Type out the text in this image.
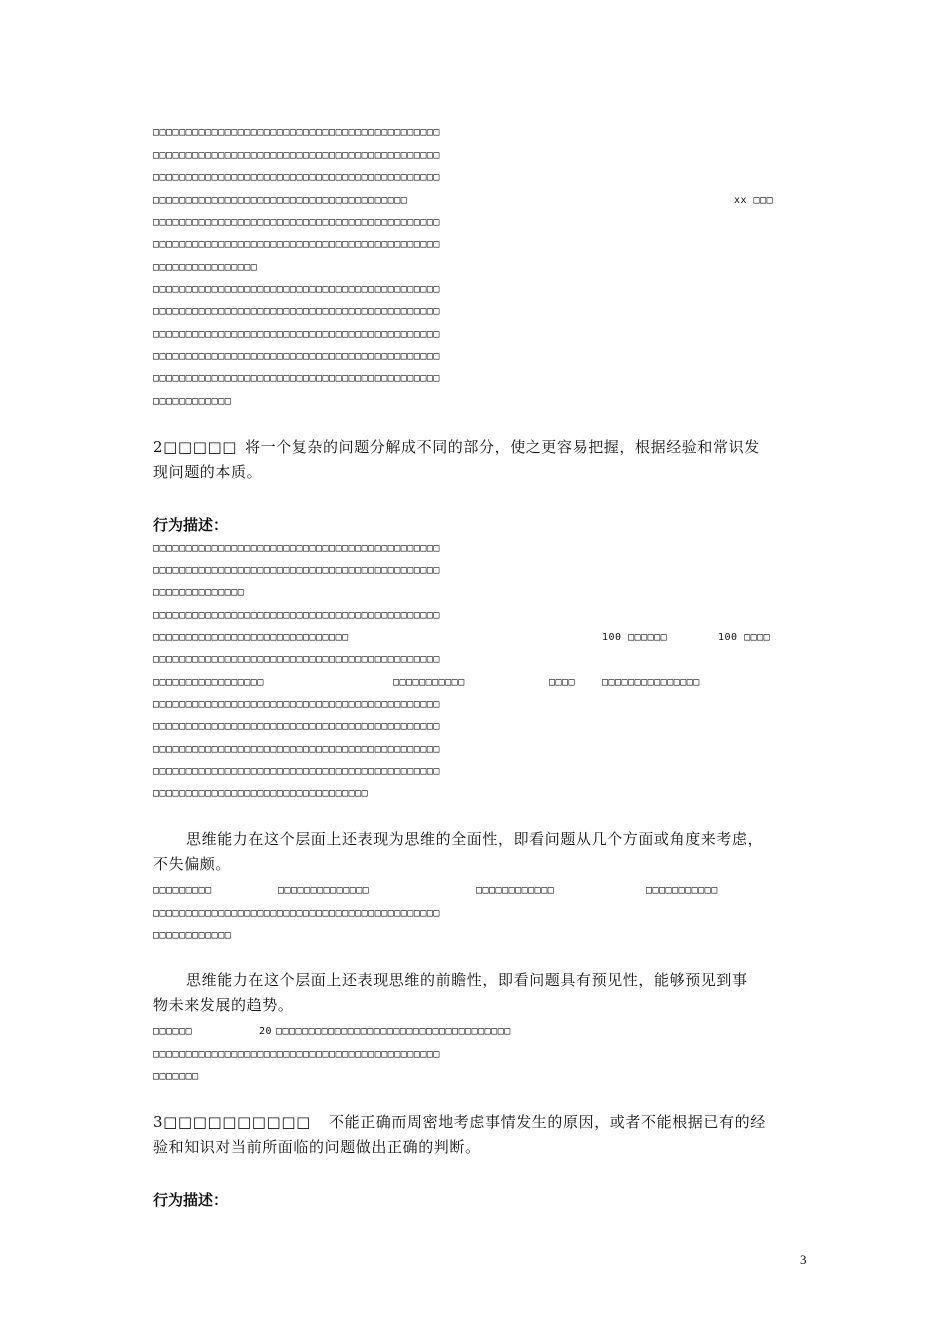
□□□□□□□□□□□□□□□□□□□□□□□□□□□□□□□□□□□□□□□□□□□□
□□□□□□□□□□□□□□□□□□□□□□□□□□□□□□□□□□□□□□□□□□□□
□□□□□□□□□□□□□□□□□□□□□□□□□□□□□□□□□□□□□□□□□□□□
□□□□□□□□□□□□□□□□□□□□□□□□□□□□□□□□□□□□□□□	xx □□□
□□□□□□□□□□□□□□□□□□□□□□□□□□□□□□□□□□□□□□□□□□□□
□□□□□□□□□□□□□□□□□□□□□□□□□□□□□□□□□□□□□□□□□□□□
□□□□□□□□□□□□□□□□
□□□□□□□□□□□□□□□□□□□□□□□□□□□□□□□□□□□□□□□□□□□□
□□□□□□□□□□□□□□□□□□□□□□□□□□□□□□□□□□□□□□□□□□□□
□□□□□□□□□□□□□□□□□□□□□□□□□□□□□□□□□□□□□□□□□□□□
□□□□□□□□□□□□□□□□□□□□□□□□□□□□□□□□□□□□□□□□□□□□
□□□□□□□□□□□□□□□□□□□□□□□□□□□□□□□□□□□□□□□□□□□□
□□□□□□□□□□□□
2□□□□□ 将一个复杂的问题分解成不同的部分，使之更容易把握，根据经验和常识发
现问题的本质。
行为描述：
□□□□□□□□□□□□□□□□□□□□□□□□□□□□□□□□□□□□□□□□□□□□
□□□□□□□□□□□□□□□□□□□□□□□□□□□□□□□□□□□□□□□□□□□□
□□□□□□□□□□□□□□
□□□□□□□□□□□□□□□□□□□□□□□□□□□□□□□□□□□□□□□□□□□□
□□□□□□□□□□□□□□□□□□□□□□□□□□□□□□	100 □□□□□□	100 □□□□
□□□□□□□□□□□□□□□□□□□□□□□□□□□□□□□□□□□□□□□□□□□□
□□□□□□□□□□□□□□□□□	□□□□□□□□□□□	□□□□	□□□□□□□□□□□□□□□
□□□□□□□□□□□□□□□□□□□□□□□□□□□□□□□□□□□□□□□□□□□□
□□□□□□□□□□□□□□□□□□□□□□□□□□□□□□□□□□□□□□□□□□□□
□□□□□□□□□□□□□□□□□□□□□□□□□□□□□□□□□□□□□□□□□□□□
□□□□□□□□□□□□□□□□□□□□□□□□□□□□□□□□□□□□□□□□□□□□
□□□□□□□□□□□□□□□□□□□□□□□□□□□□□□□□□
思维能力在这个层面上还表现为思维的全面性，即看问题从几个方面或角度来考虑，
不失偏颇。
□□□□□□□□□	□□□□□□□□□□□□□□	□□□□□□□□□□□□	□□□□□□□□□□□
□□□□□□□□□□□□□□□□□□□□□□□□□□□□□□□□□□□□□□□□□□□□
□□□□□□□□□□□□
思维能力在这个层面上还表现思维的前瞻性，即看问题具有预见性，能够预见到事
物未来发展的趋势。
□□□□□□	20 □□□□□□□□□□□□□□□□□□□□□□□□□□□□□□□□□□□□
□□□□□□□□□□□□□□□□□□□□□□□□□□□□□□□□□□□□□□□□□□□□
□□□□□□□
3□□□□□□□□□□ 不能正确而周密地考虑事情发生的原因，或者不能根据已有的经
验和知识对当前所面临的问题做出正确的判断。
行为描述：
3
